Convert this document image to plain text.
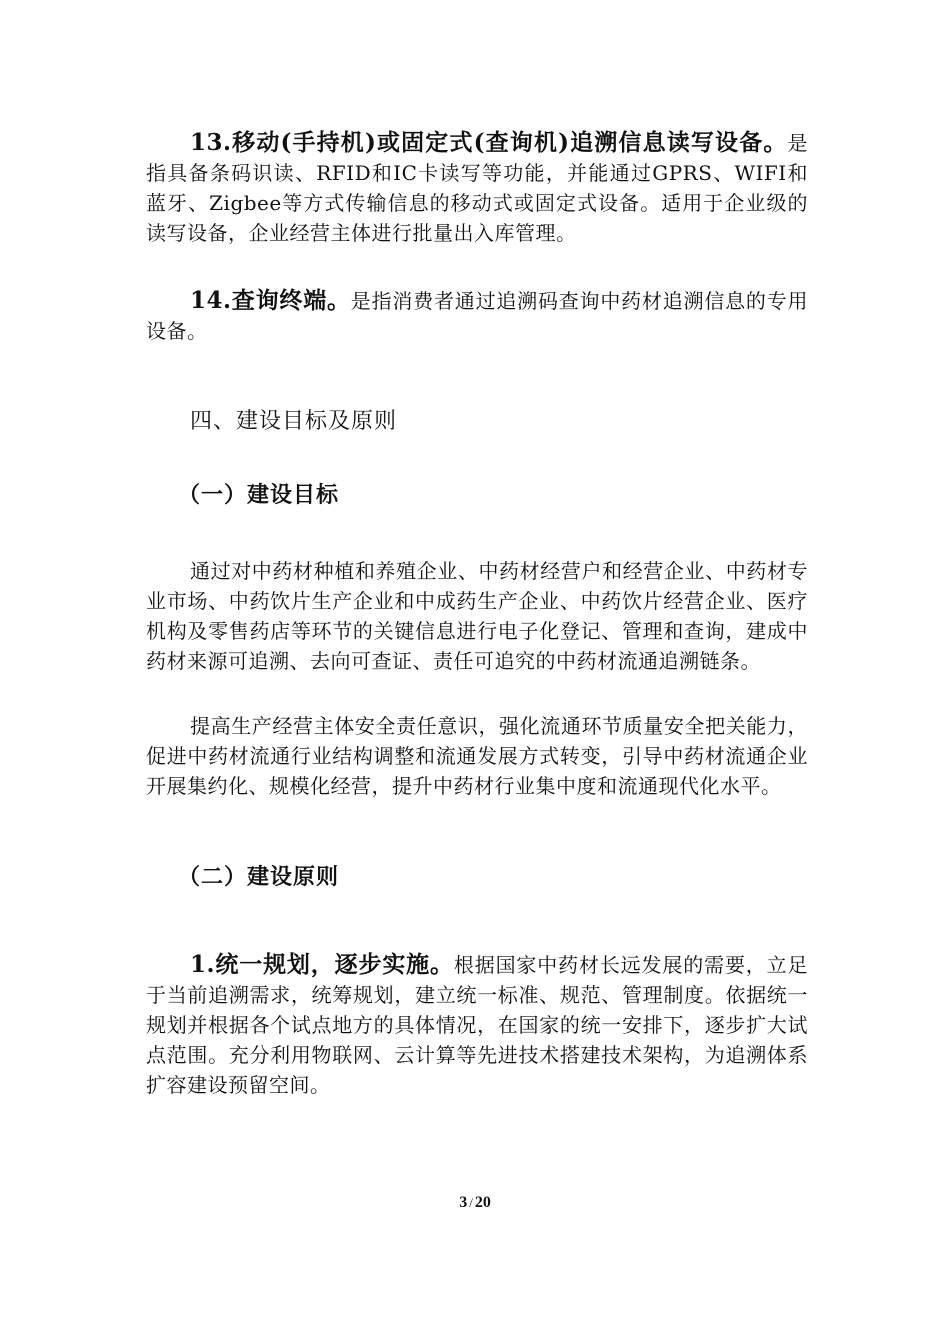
13.移动(手持机)或固定式(查询机)追溯信息读写设备。是指具备条码识读、RFID和IC卡读写等功能，并能通过GPRS、WIFI和蓝牙、Zigbee等方式传输信息的移动式或固定式设备。适用于企业级的读写设备，企业经营主体进行批量出入库管理。

14.查询终端。是指消费者通过追溯码查询中药材追溯信息的专用设备。

四、建设目标及原则
（一）建设目标

通过对中药材种植和养殖企业、中药材经营户和经营企业、中药材专业市场、中药饮片生产企业和中成药生产企业、中药饮片经营企业、医疗机构及零售药店等环节的关键信息进行电子化登记、管理和查询，建成中药材来源可追溯、去向可查证、责任可追究的中药材流通追溯链条。

提高生产经营主体安全责任意识，强化流通环节质量安全把关能力，促进中药材流通行业结构调整和流通发展方式转变，引导中药材流通企业开展集约化、规模化经营，提升中药材行业集中度和流通现代化水平。

（二）建设原则

1.统一规划，逐步实施。根据国家中药材长远发展的需要，立足于当前追溯需求，统筹规划，建立统一标准、规范、管理制度。依据统一规划并根据各个试点地方的具体情况，在国家的统一安排下，逐步扩大试点范围。充分利用物联网、云计算等先进技术搭建技术架构，为追溯体系扩容建设预留空间。

3 / 20
